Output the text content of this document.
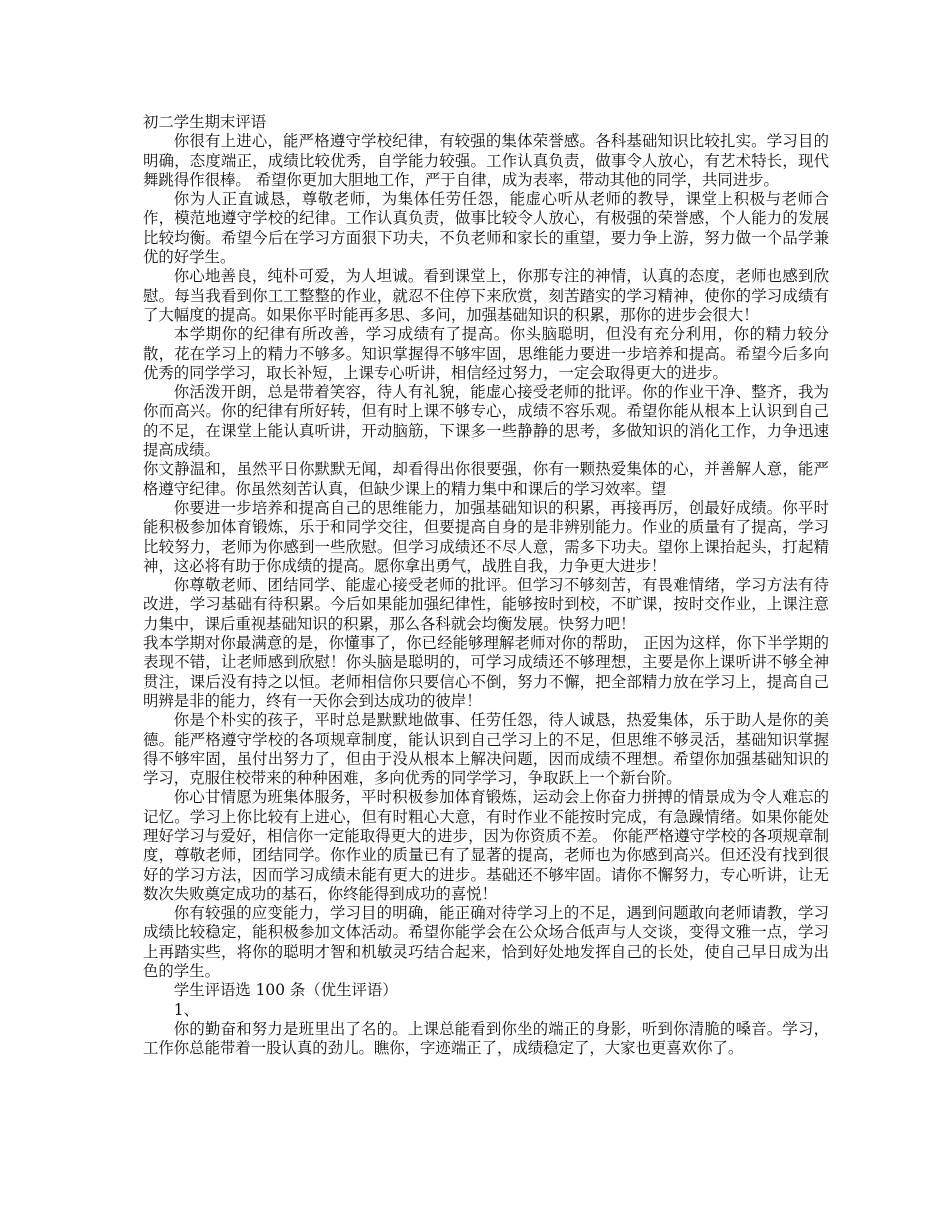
初二学生期末评语

你很有上进心，能严格遵守学校纪律，有较强的集体荣誉感。各科基础知识比较扎实。学习目的明确，态度端正，成绩比较优秀，自学能力较强。工作认真负责，做事令人放心，有艺术特长，现代舞跳得作很棒。 希望你更加大胆地工作，严于自律，成为表率，带动其他的同学，共同进步。

你为人正直诚恳，尊敬老师，为集体任劳任怨，能虚心听从老师的教导，课堂上积极与老师合作，模范地遵守学校的纪律。工作认真负责，做事比较令人放心，有极强的荣誉感，个人能力的发展比较均衡。希望今后在学习方面狠下功夫，不负老师和家长的重望，要力争上游，努力做一个品学兼优的好学生。

你心地善良，纯朴可爱，为人坦诚。看到课堂上，你那专注的神情，认真的态度，老师也感到欣慰。每当我看到你工工整整的作业，就忍不住停下来欣赏，刻苦踏实的学习精神，使你的学习成绩有了大幅度的提高。如果你平时能再多思、多问，加强基础知识的积累，那你的进步会很大！

本学期你的纪律有所改善，学习成绩有了提高。你头脑聪明，但没有充分利用，你的精力较分散，花在学习上的精力不够多。知识掌握得不够牢固，思维能力要进一步培养和提高。希望今后多向优秀的同学学习，取长补短，上课专心听讲，相信经过努力，一定会取得更大的进步。

你活泼开朗，总是带着笑容，待人有礼貌，能虚心接受老师的批评。你的作业干净、整齐，我为你而高兴。你的纪律有所好转，但有时上课不够专心，成绩不容乐观。希望你能从根本上认识到自己的不足，在课堂上能认真听讲，开动脑筋，下课多一些静静的思考，多做知识的消化工作，力争迅速提高成绩。

你文静温和，虽然平日你默默无闻，却看得出你很要强，你有一颗热爱集体的心，并善解人意，能严格遵守纪律。你虽然刻苦认真，但缺少课上的精力集中和课后的学习效率。望

你要进一步培养和提高自己的思维能力，加强基础知识的积累，再接再厉，创最好成绩。你平时能积极参加体育锻炼，乐于和同学交往，但要提高自身的是非辨别能力。作业的质量有了提高，学习比较努力，老师为你感到一些欣慰。但学习成绩还不尽人意，需多下功夫。望你上课抬起头，打起精神，这必将有助于你成绩的提高。愿你拿出勇气，战胜自我，力争更大进步！

你尊敬老师、团结同学、能虚心接受老师的批评。但学习不够刻苦，有畏难情绪，学习方法有待改进，学习基础有待积累。今后如果能加强纪律性，能够按时到校，不旷课，按时交作业，上课注意力集中，课后重视基础知识的积累，那么各科就会均衡发展。快努力吧！

我本学期对你最满意的是，你懂事了，你已经能够理解老师对你的帮助， 正因为这样，你下半学期的表现不错，让老师感到欣慰！你头脑是聪明的，可学习成绩还不够理想，主要是你上课听讲不够全神贯注，课后没有持之以恒。老师相信你只要信心不倒，努力不懈，把全部精力放在学习上，提高自己明辨是非的能力，终有一天你会到达成功的彼岸！

你是个朴实的孩子，平时总是默默地做事、任劳任怨，待人诚恳，热爱集体，乐于助人是你的美德。能严格遵守学校的各项规章制度，能认识到自己学习上的不足，但思维不够灵活，基础知识掌握得不够牢固，虽付出努力了，但由于没从根本上解决问题，因而成绩不理想。希望你加强基础知识的学习，克服住校带来的种种困难，多向优秀的同学学习，争取跃上一个新台阶。

你心甘情愿为班集体服务，平时积极参加体育锻炼，运动会上你奋力拼搏的情景成为令人难忘的记忆。学习上你比较有上进心，但有时粗心大意，有时作业不能按时完成，有急躁情绪。如果你能处理好学习与爱好，相信你一定能取得更大的进步，因为你资质不差。 你能严格遵守学校的各项规章制度，尊敬老师，团结同学。你作业的质量已有了显著的提高，老师也为你感到高兴。但还没有找到很好的学习方法，因而学习成绩未能有更大的进步。基础还不够牢固。请你不懈努力，专心听讲，让无数次失败奠定成功的基石，你终能得到成功的喜悦！

你有较强的应变能力，学习目的明确，能正确对待学习上的不足，遇到问题敢向老师请教，学习成绩比较稳定，能积极参加文体活动。希望你能学会在公众场合低声与人交谈，变得文雅一点，学习上再踏实些，将你的聪明才智和机敏灵巧结合起来，恰到好处地发挥自己的长处，使自己早日成为出色的学生。

学生评语选 100 条（优生评语）

1、

你的勤奋和努力是班里出了名的。上课总能看到你坐的端正的身影，听到你清脆的嗓音。学习，工作你总能带着一股认真的劲儿。瞧你，字迹端正了，成绩稳定了，大家也更喜欢你了。
